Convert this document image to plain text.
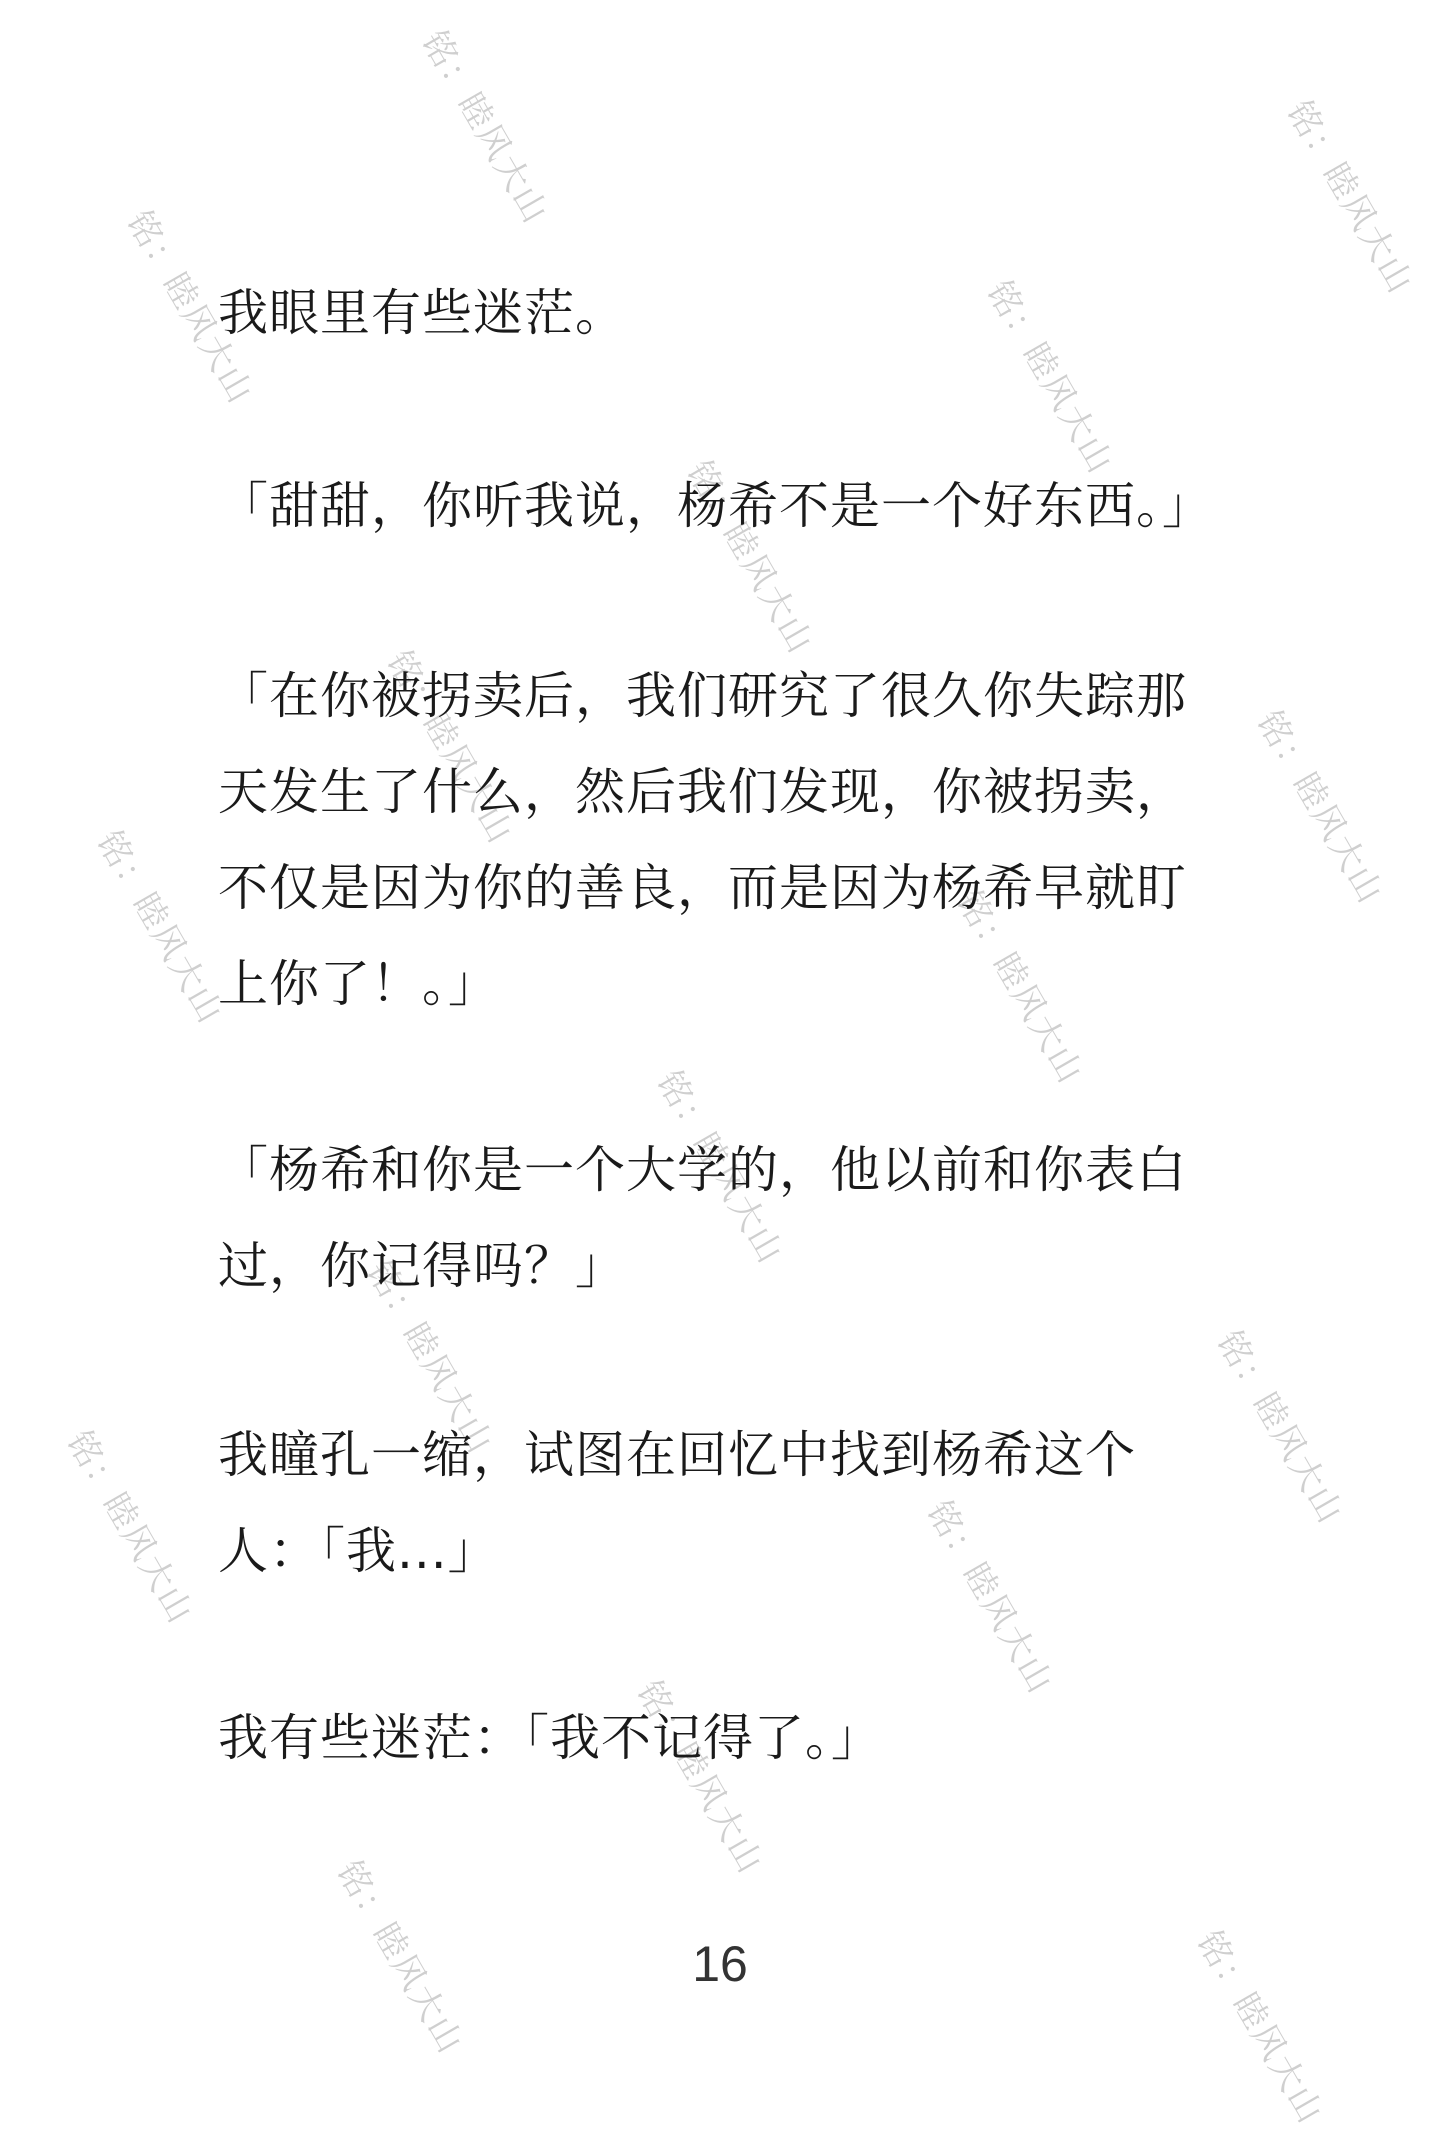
铭：睦风大山	铭：睦风大山
铭：睦风大山	铭：睦风大山
铭：睦风大山
铭：睦风大山	铭：睦风大山
铭：睦风大山	铭：睦风大山
铭：睦风大山
铭：睦风大山	铭：睦风大山
铭：睦风大山	铭：睦风大山
铭：睦风大山
铭：睦风大山	铭：睦风大山

我眼里有些迷茫。

「甜甜，你听我说，杨希不是一个好东西。」

「在你被拐卖后，我们研究了很久你失踪那天发生了什么，然后我们发现，你被拐卖，不仅是因为你的善良，而是因为杨希早就盯上你了！。」

「杨希和你是一个大学的，他以前和你表白过，你记得吗？」

我瞳孔一缩，试图在回忆中找到杨希这个人：「我...」

我有些迷茫：「我不记得了。」

16
